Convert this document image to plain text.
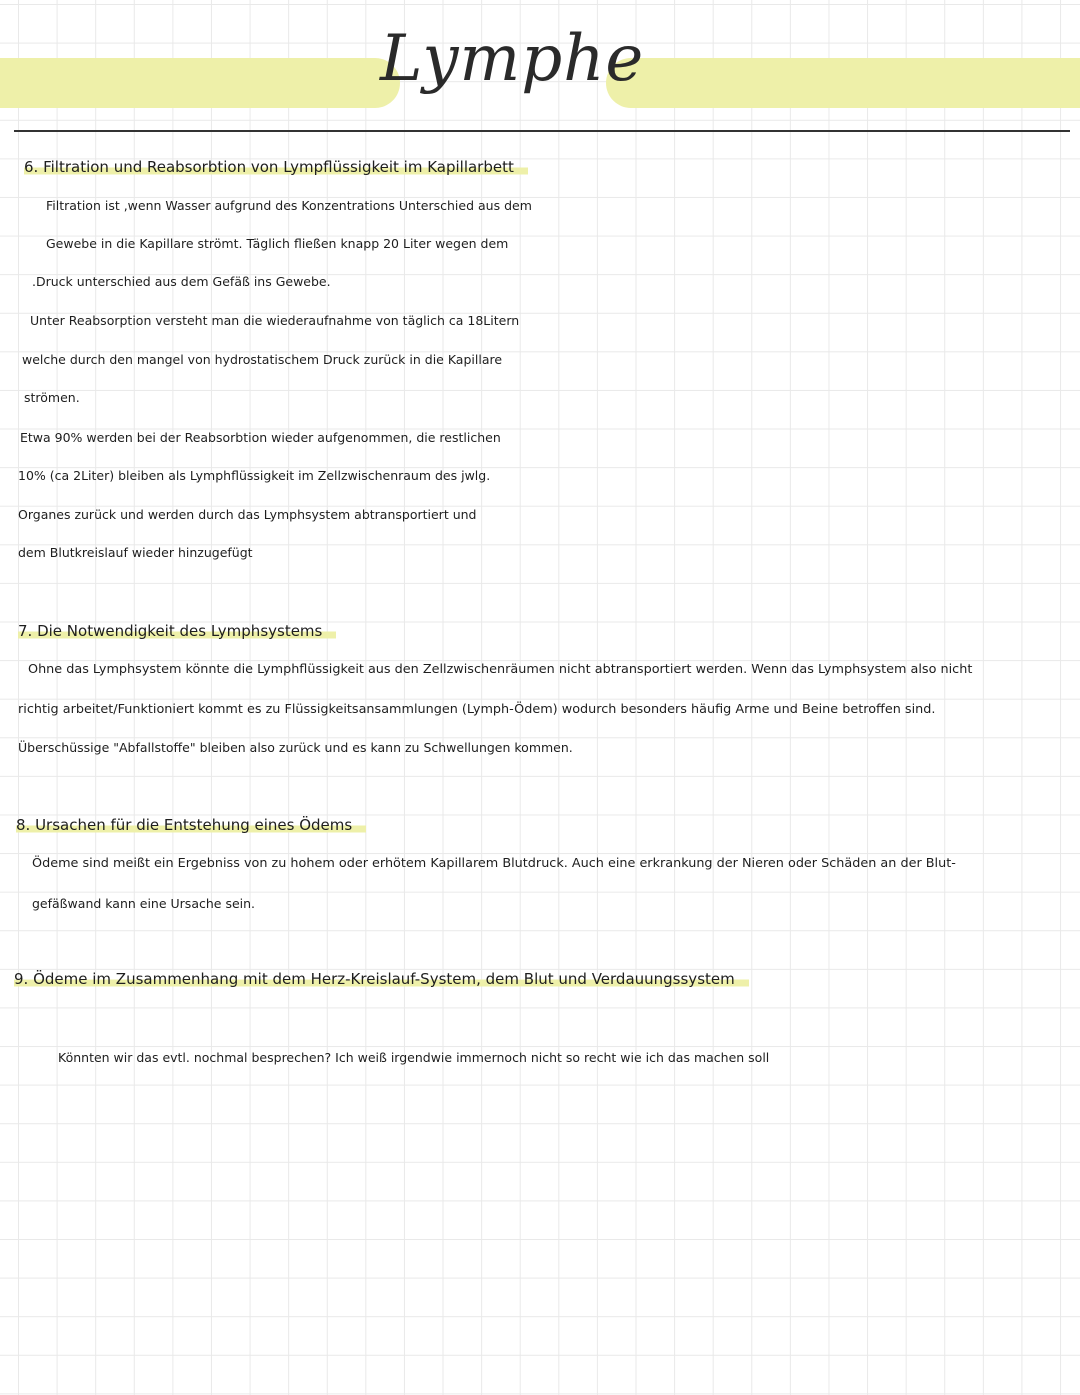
Lymphe
6. Filtration und Reabsorbtion von Lympflüssigkeit im Kapillarbett
Filtration ist ,wenn Wasser aufgrund des Konzentrations Unterschied aus dem
Gewebe in die Kapillare strömt. Täglich fließen knapp 20 Liter wegen dem
.Druck unterschied aus dem Gefäß ins Gewebe.
Unter Reabsorption versteht man die wiederaufnahme von täglich ca 18Litern
welche durch den mangel von hydrostatischem Druck zurück in die Kapillare
strömen.
Etwa 90% werden bei der Reabsorbtion wieder aufgenommen, die restlichen
10% (ca 2Liter) bleiben als Lymphflüssigkeit im Zellzwischenraum des jwlg.
Organes zurück und werden durch das Lymphsystem abtransportiert und
dem Blutkreislauf wieder hinzugefügt
7. Die Notwendigkeit des Lymphsystems
Ohne das Lymphsystem könnte die Lymphflüssigkeit aus den Zellzwischenräumen nicht abtransportiert werden. Wenn das Lymphsystem also nicht
richtig arbeitet/Funktioniert kommt es zu Flüssigkeitsansammlungen (Lymph-Ödem) wodurch besonders häufig Arme und Beine betroffen sind.
Überschüssige "Abfallstoffe" bleiben also zurück und es kann zu Schwellungen kommen.
8. Ursachen für die Entstehung eines Ödems
Ödeme sind meißt ein Ergebniss von zu hohem oder erhötem Kapillarem Blutdruck. Auch eine erkrankung der Nieren oder Schäden an der Blut-
gefäßwand kann eine Ursache sein.
9. Ödeme im Zusammenhang mit dem Herz-Kreislauf-System, dem Blut und Verdauungssystem
Könnten wir das evtl. nochmal besprechen? Ich weiß irgendwie immernoch nicht so recht wie ich das machen soll
